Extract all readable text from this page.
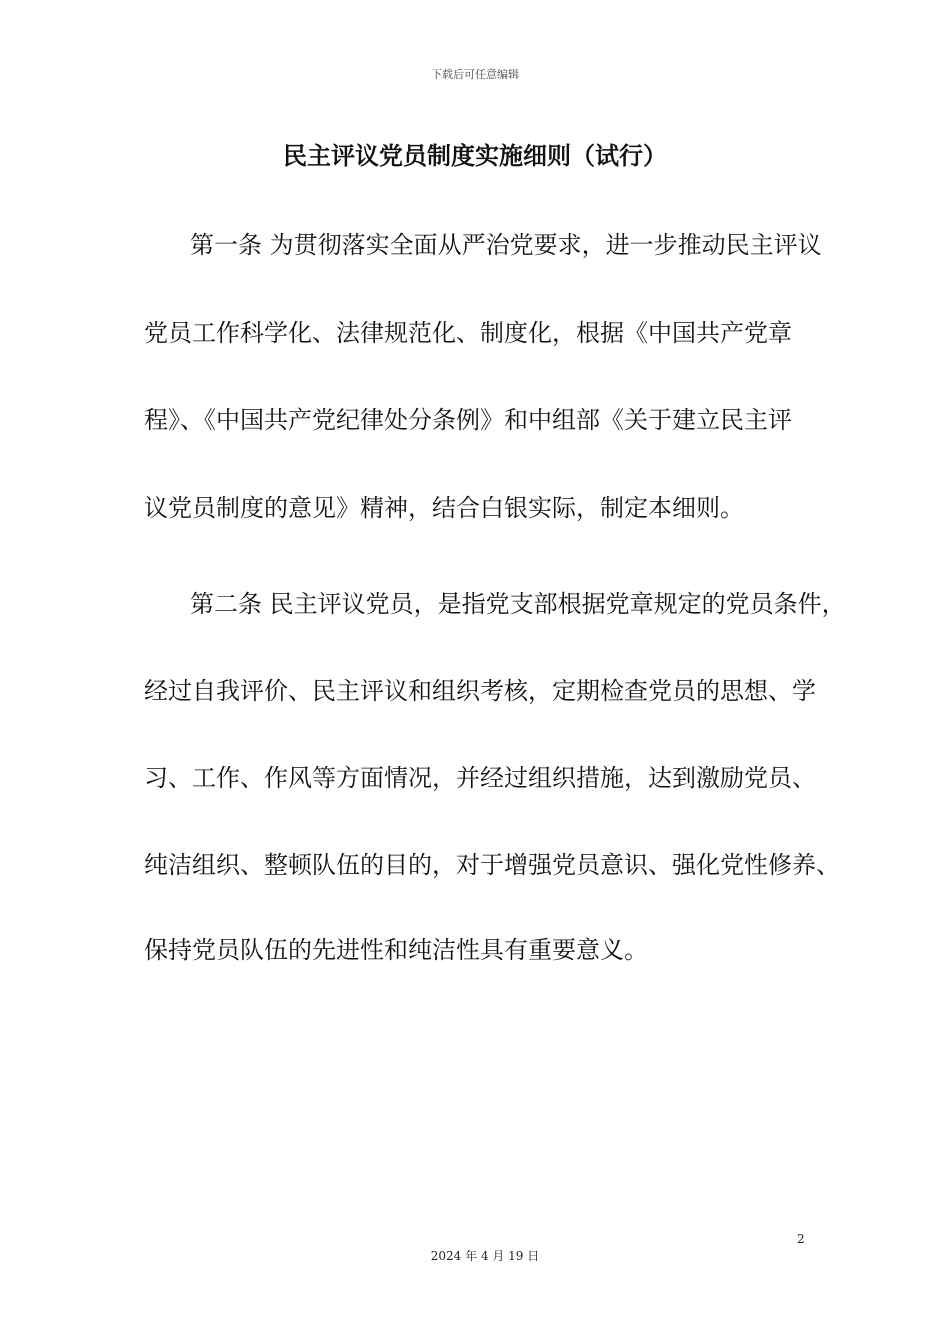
下载后可任意编辑
民主评议党员制度实施细则（试行）
第一条 为贯彻落实全面从严治党要求，进一步推动民主评议
党员工作科学化、法律规范化、制度化，根据《中国共产党章
程》、《中国共产党纪律处分条例》和中组部《关于建立民主评
议党员制度的意见》精神，结合白银实际，制定本细则。
第二条 民主评议党员，是指党支部根据党章规定的党员条件，
经过自我评价、民主评议和组织考核，定期检查党员的思想、学
习、工作、作风等方面情况，并经过组织措施，达到激励党员、
纯洁组织、整顿队伍的目的，对于增强党员意识、强化党性修养、
保持党员队伍的先进性和纯洁性具有重要意义。
2
2024 年 4 月 19 日
